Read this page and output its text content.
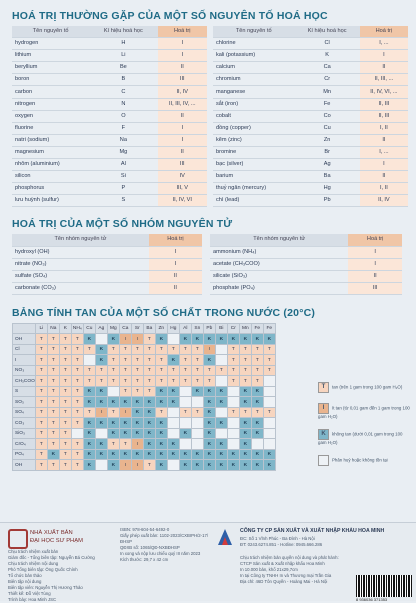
HOÁ TRỊ THƯỜNG GẶP CỦA MỘT SỐ NGUYÊN TỐ HOÁ HỌC
Tên nguyên tố	Kí hiệu hoá học	Hoá trị
hydrogen	H	I
lithium	Li	I
beryllium	Be	II
boron	B	III
carbon	C	II, IV
nitrogen	N	II, III, IV, ...
oxygen	O	II
fluorine	F	I
natri (sodium)	Na	I
magnesium	Mg	II
nhôm (aluminium)	Al	III
silicon	Si	IV
phosphorus	P	III, V
lưu huỳnh (sulfur)	S	II, IV, VI
Tên nguyên tố	Kí hiệu hoá học	Hoá trị
chlorine	Cl	I, ...
kali (potassium)	K	I
calcium	Ca	II
chromium	Cr	II, III, ...
manganese	Mn	II, IV, VI, ...
sắt (iron)	Fe	II, III
cobalt	Co	II, III
đồng (copper)	Cu	I, II
kẽm (zinc)	Zn	II
bromine	Br	I, ...
bạc (silver)	Ag	I
barium	Ba	II
thuỷ ngân (mercury)	Hg	I, II
chì (lead)	Pb	II, IV
HOÁ TRỊ CỦA MỘT SỐ NHÓM NGUYÊN TỬ
Tên nhóm nguyên tử	Hoá trị
hydroxyl (OH)	I
nitrate (NO₃)	I
sulfate (SO₄)	II
carbonate (CO₃)	II
Tên nhóm nguyên tử	Hoá trị
ammonium (NH₄)	I
acetate (CH₃COO)	I
silicate (SiO₃)	II
phosphate (PO₄)	III
BẢNG TÍNH TAN CỦA MỘT SỐ CHẤT TRONG NƯỚC (20°C)
	Li	Na	K	NH₄	Cu	Ag	Mg	Ca	Sr	Ba	Zn	Hg	Al	Sn	Pb	Bi	Cr	Mn	Fe	Fe
OH	T	T	T	T	K		K	I	I	T	K		K	K	K	K	K	K	K	K
Cl	T	T	T	T	T	K	T	T	T	T	T	T	T	T	I		T	T	T	T
I	T	T	T	T		K	T	T	T	T	T	K	T	T	K		T	T	T	T
NO₃	T	T	T	T	T	T	T	T	T	T	T	T	T	T	T	T	T	T	T	T
CH₃COO	T	T	T	T	T	T	T	T	T	T	T	T	T	T	T		T	T	T	
S	T	T	T	T	K	K		T	T	T	K	K		K	K	K		K	K	
SO₃	T	T	T	T	K	K	K	K	K	K	K	K			K	K		K	K	
SO₄	T	T	T	T	T	I	T	I	K	K	T		T	T	K		T	T	T	T
CO₃	T	T	T	T	K	K	K	K	K	K	K				K	K		K	K	
SiO₃	T	T	T		K		K	K	K	K	K		K		K			K	K	
CrO₄	T	T	T	T	K	K	T	T	I	K	K	K			K	K		K		
PO₄	T	K	T	T	K	K	K	K	K	K	K	K	K	K	K	K	K	K	K	K
OH	T	T	T	T	K		K	I	I	T	K		K	K	K	K	K	K	K	K
T tan (trên 1 gam trong 100 gam H₂O)
I ít tan (từ 0,01 gam đến 1 gam trong 100 gam H₂O)
K không tan (dưới 0,01 gam trong 100 gam H₂O)
Phân huỷ hoặc không tồn tại
NHÀ XUẤT BẢN
ĐẠI HỌC SƯ PHẠM
Chịu trách nhiệm xuất bản
Giám đốc - Tổng biên tập: Nguyễn Bá Cường
Chịu trách nhiệm nội dung
Phó Tổng biên tập: Ông Quốc Chính
Tổ chức bản thảo
Biên tập nội dung
Biên tập viên: Nguyễn Thị Hương Thảo
Thiết kế: Đỗ Việt Tùng
Trình bày: Hoa Minh JSC
ISBN: 978-604-54-6492-0
Giấy phép xuất bản: 1102-2023/CXBIPH/2-17/ĐHSP
QĐXB số: 1065/QĐ-NXBĐHSP
In xong và nộp lưu chiểu quý III năm 2023
Kích thước: 29,7 x 42 cm
CÔNG TY CP SẢN XUẤT VÀ XUẤT NHẬP KHẨU HOA MINH
ĐC: Số 1 Vĩnh Phúc - Ba Đình - Hà Nội
ĐT: 0243.6274.851 - Hotline: 0945.666.286
Chịu trách nhiệm bản quyền nội dung và phát hành:
CTCP Sản xuất & Xuất nhập khẩu Hoa Minh
In 10.000 bản, khổ 21x29,7cm
In tại Công ty TNHH In và Thương mại Trần Gia
Địa chỉ: 46D Tôn Quyền - Hoàng Mai - Hà Nội
8 936036 371353
